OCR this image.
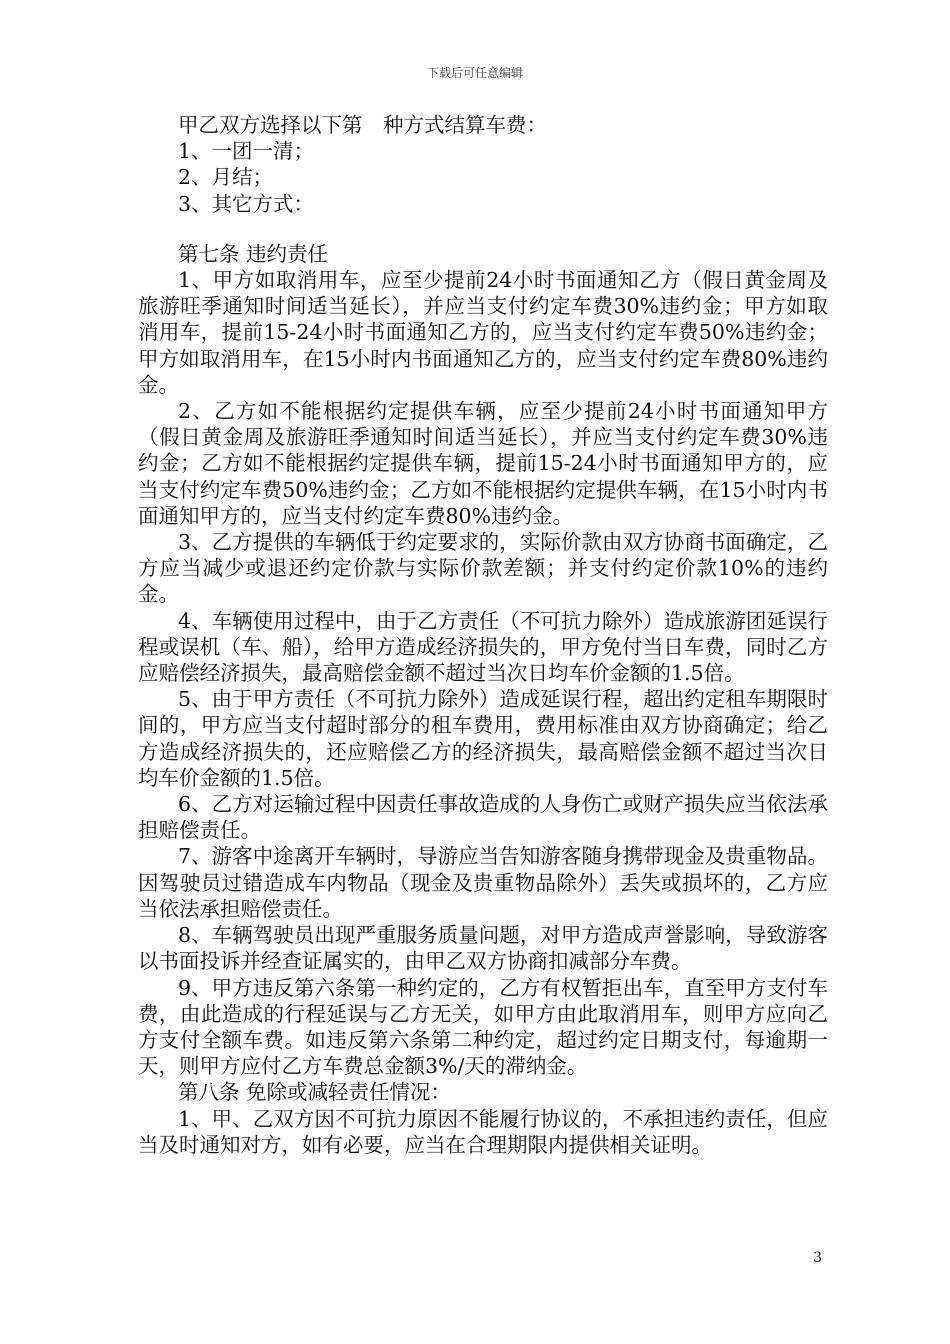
下载后可任意编辑

甲乙双方选择以下第　种方式结算车费：

1、一团一清；

2、月结；

3、其它方式：

第七条 违约责任

1、甲方如取消用车，应至少提前24小时书面通知乙方（假日黄金周及旅游旺季通知时间适当延长），并应当支付约定车费30%违约金；甲方如取消用车，提前15-24小时书面通知乙方的，应当支付约定车费50%违约金；甲方如取消用车，在15小时内书面通知乙方的，应当支付约定车费80%违约金。

2、乙方如不能根据约定提供车辆，应至少提前24小时书面通知甲方（假日黄金周及旅游旺季通知时间适当延长），并应当支付约定车费30%违约金；乙方如不能根据约定提供车辆，提前15-24小时书面通知甲方的，应当支付约定车费50%违约金；乙方如不能根据约定提供车辆，在15小时内书面通知甲方的，应当支付约定车费80%违约金。

3、乙方提供的车辆低于约定要求的，实际价款由双方协商书面确定，乙方应当减少或退还约定价款与实际价款差额；并支付约定价款10%的违约金。

4、车辆使用过程中，由于乙方责任（不可抗力除外）造成旅游团延误行程或误机（车、船），给甲方造成经济损失的，甲方免付当日车费，同时乙方应赔偿经济损失，最高赔偿金额不超过当次日均车价金额的1.5倍。

5、由于甲方责任（不可抗力除外）造成延误行程，超出约定租车期限时间的，甲方应当支付超时部分的租车费用，费用标准由双方协商确定；给乙方造成经济损失的，还应赔偿乙方的经济损失，最高赔偿金额不超过当次日均车价金额的1.5倍。

6、乙方对运输过程中因责任事故造成的人身伤亡或财产损失应当依法承担赔偿责任。

7、游客中途离开车辆时，导游应当告知游客随身携带现金及贵重物品。因驾驶员过错造成车内物品（现金及贵重物品除外）丢失或损坏的，乙方应当依法承担赔偿责任。

8、车辆驾驶员出现严重服务质量问题，对甲方造成声誉影响，导致游客以书面投诉并经查证属实的，由甲乙双方协商扣减部分车费。

9、甲方违反第六条第一种约定的，乙方有权暂拒出车，直至甲方支付车费，由此造成的行程延误与乙方无关，如甲方由此取消用车，则甲方应向乙方支付全额车费。如违反第六条第二种约定，超过约定日期支付，每逾期一天，则甲方应付乙方车费总金额3%/天的滞纳金。

第八条 免除或减轻责任情况：

1、甲、乙双方因不可抗力原因不能履行协议的，不承担违约责任，但应当及时通知对方，如有必要，应当在合理期限内提供相关证明。

3
